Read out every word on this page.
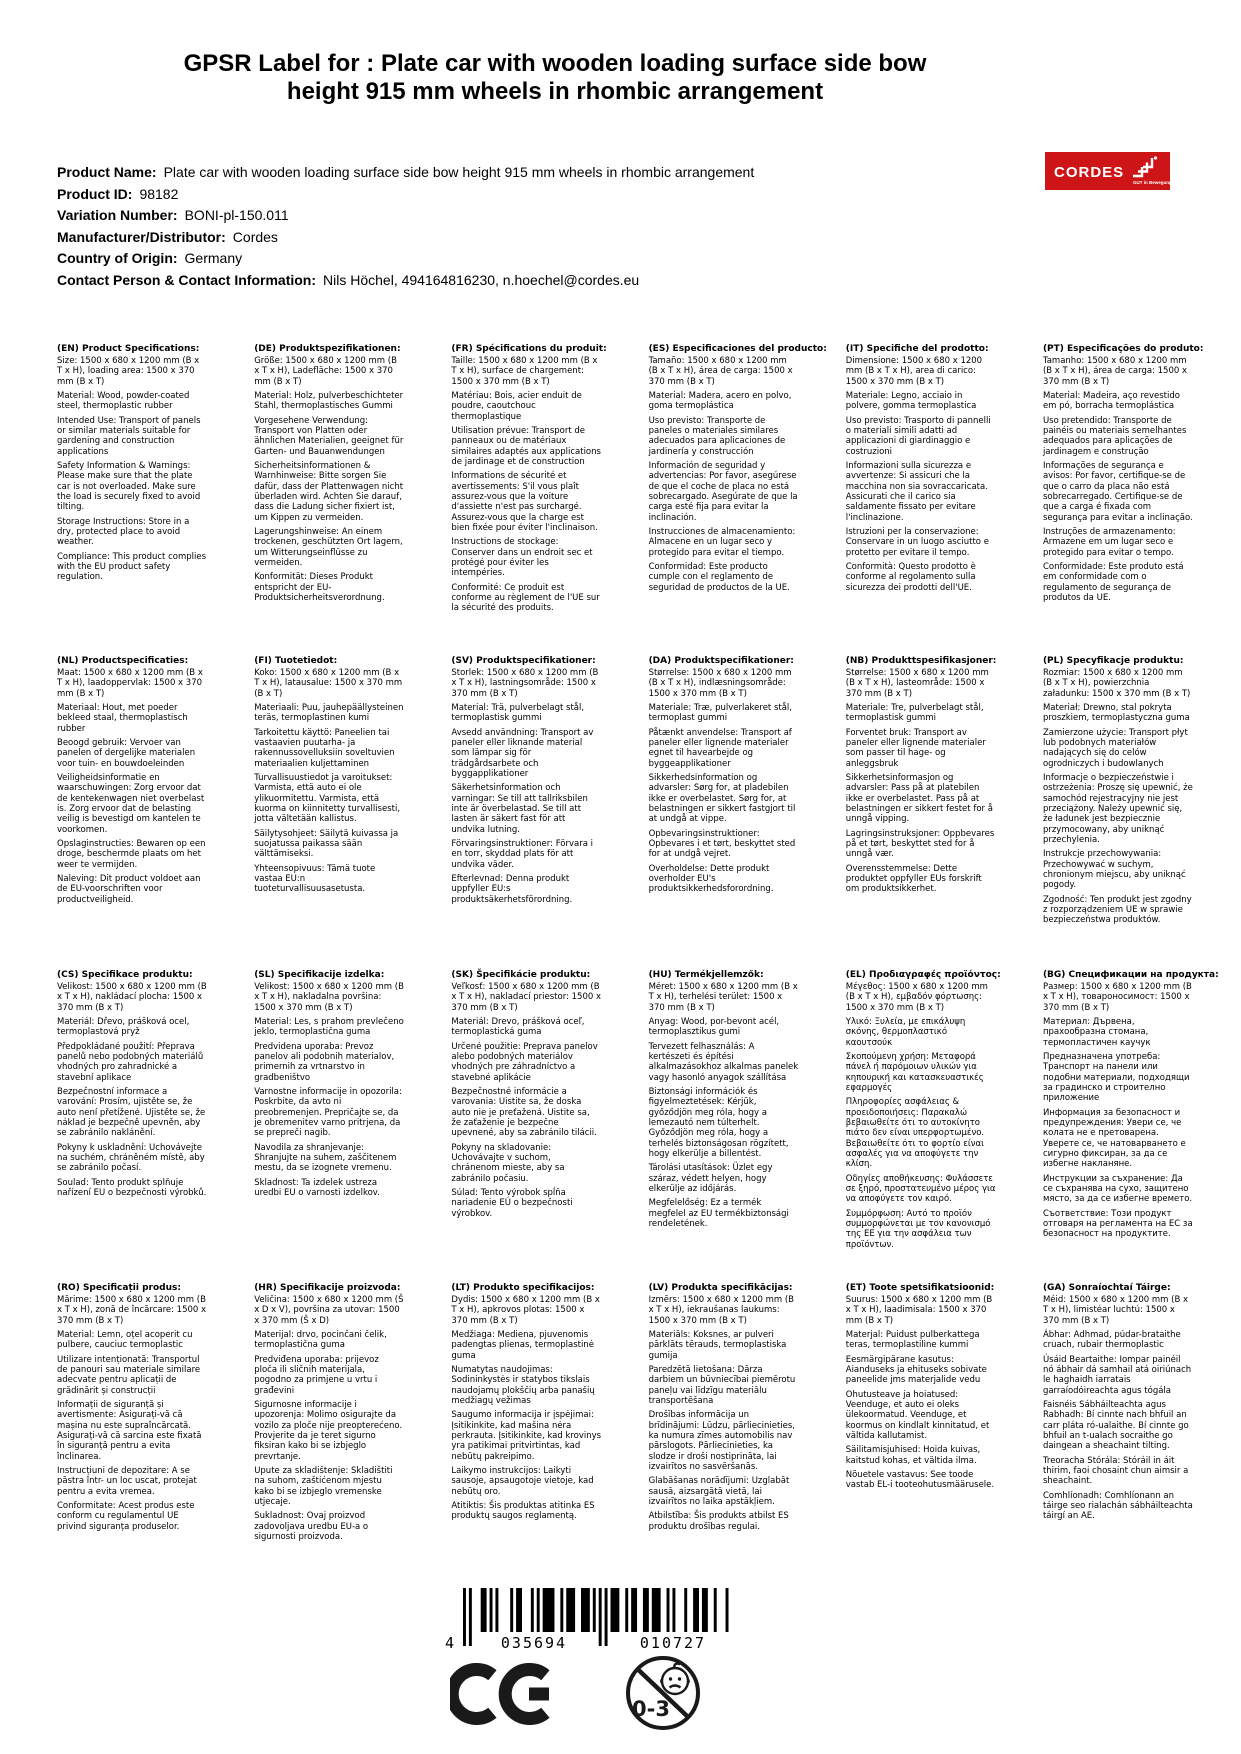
GPSR Label for : Plate car with wooden loading surface side bow
height 915 mm wheels in rhombic arrangement
Product Name: Plate car with wooden loading surface side bow height 915 mm wheels in rhombic arrangement
Product ID: 98182
Variation Number: BONI-pl-150.011
Manufacturer/Distributor: Cordes
Country of Origin: Germany
Contact Person & Contact Information: Nils Höchel, 494164816230, n.hoechel@cordes.eu
CORDES
GUT in Bewegung
(EN) Product Specifications:

Size: 1500 x 680 x 1200 mm (B x T x H), loading area: 1500 x 370 mm (B x T)

Material: Wood, powder-coated steel, thermoplastic rubber

Intended Use: Transport of panels or similar materials suitable for gardening and construction applications

Safety Information & Warnings: Please make sure that the plate car is not overloaded. Make sure the load is securely fixed to avoid tilting.

Storage Instructions: Store in a dry, protected place to avoid weather.

Compliance: This product complies with the EU product safety regulation.

(DE) Produktspezifikationen:

Größe: 1500 x 680 x 1200 mm (B x T x H), Ladefläche: 1500 x 370 mm (B x T)

Material: Holz, pulverbeschichteter Stahl, thermoplastisches Gummi

Vorgesehene Verwendung: Transport von Platten oder ähnlichen Materialien, geeignet für Garten- und Bauanwendungen

Sicherheitsinformationen & Warnhinweise: Bitte sorgen Sie dafür, dass der Plattenwagen nicht überladen wird. Achten Sie darauf, dass die Ladung sicher fixiert ist, um Kippen zu vermeiden.

Lagerungshinweise: An einem trockenen, geschützten Ort lagern, um Witterungseinflüsse zu vermeiden.

Konformität: Dieses Produkt entspricht der EU-Produktsicherheitsverordnung.

(FR) Spécifications du produit:

Taille: 1500 x 680 x 1200 mm (B x T x H), surface de chargement: 1500 x 370 mm (B x T)

Matériau: Bois, acier enduit de poudre, caoutchouc thermoplastique

Utilisation prévue: Transport de panneaux ou de matériaux similaires adaptés aux applications de jardinage et de construction

Informations de sécurité et avertissements: S'il vous plaît assurez-vous que la voiture d'assiette n'est pas surchargé. Assurez-vous que la charge est bien fixée pour éviter l'inclinaison.

Instructions de stockage: Conserver dans un endroit sec et protégé pour éviter les intempéries.

Conformité: Ce produit est conforme au règlement de l'UE sur la sécurité des produits.

(ES) Especificaciones del producto:

Tamaño: 1500 x 680 x 1200 mm (B x T x H), área de carga: 1500 x 370 mm (B x T)

Material: Madera, acero en polvo, goma termoplástica

Uso previsto: Transporte de paneles o materiales similares adecuados para aplicaciones de jardinería y construcción

Información de seguridad y advertencias: Por favor, asegúrese de que el coche de placa no está sobrecargado. Asegúrate de que la carga esté fija para evitar la inclinación.

Instrucciones de almacenamiento: Almacene en un lugar seco y protegido para evitar el tiempo.

Conformidad: Este producto cumple con el reglamento de seguridad de productos de la UE.

(IT) Specifiche del prodotto:

Dimensione: 1500 x 680 x 1200 mm (B x T x H), area di carico: 1500 x 370 mm (B x T)

Materiale: Legno, acciaio in polvere, gomma termoplastica

Uso previsto: Trasporto di pannelli o materiali simili adatti ad applicazioni di giardinaggio e costruzioni

Informazioni sulla sicurezza e avvertenze: Si assicuri che la macchina non sia sovraccaricata. Assicurati che il carico sia saldamente fissato per evitare l'inclinazione.

Istruzioni per la conservazione: Conservare in un luogo asciutto e protetto per evitare il tempo.

Conformità: Questo prodotto è conforme al regolamento sulla sicurezza dei prodotti dell'UE.

(PT) Especificações do produto:

Tamanho: 1500 x 680 x 1200 mm (B x T x H), área de carga: 1500 x 370 mm (B x T)

Material: Madeira, aço revestido em pó, borracha termoplástica

Uso pretendido: Transporte de painéis ou materiais semelhantes adequados para aplicações de jardinagem e construção

Informações de segurança e avisos: Por favor, certifique-se de que o carro da placa não está sobrecarregado. Certifique-se de que a carga é fixada com segurança para evitar a inclinação.

Instruções de armazenamento: Armazene em um lugar seco e protegido para evitar o tempo.

Conformidade: Este produto está em conformidade com o regulamento de segurança de produtos da UE.

(NL) Productspecificaties:

Maat: 1500 x 680 x 1200 mm (B x T x H), laadoppervlak: 1500 x 370 mm (B x T)

Materiaal: Hout, met poeder bekleed staal, thermoplastisch rubber

Beoogd gebruik: Vervoer van panelen of dergelijke materialen voor tuin- en bouwdoeleinden

Veiligheidsinformatie en waarschuwingen: Zorg ervoor dat de kentekenwagen niet overbelast is. Zorg ervoor dat de belasting veilig is bevestigd om kantelen te voorkomen.

Opslaginstructies: Bewaren op een droge, beschermde plaats om het weer te vermijden.

Naleving: Dit product voldoet aan de EU-voorschriften voor productveiligheid.

(FI) Tuotetiedot:

Koko: 1500 x 680 x 1200 mm (B x T x H), latausalue: 1500 x 370 mm (B x T)

Materiaali: Puu, jauhepäällysteinen teräs, termoplastinen kumi

Tarkoitettu käyttö: Paneelien tai vastaavien puutarha- ja rakennussovelluksiin soveltuvien materiaalien kuljettaminen

Turvallisuustiedot ja varoitukset: Varmista, että auto ei ole ylikuormitettu. Varmista, että kuorma on kiinnitetty turvallisesti, jotta vältetään kallistus.

Säilytysohjeet: Säilytä kuivassa ja suojatussa paikassa sään välttämiseksi.

Yhteensopivuus: Tämä tuote vastaa EU:n tuoteturvallisuusasetusta.

(SV) Produktspecifikationer:

Storlek: 1500 x 680 x 1200 mm (B x T x H), lastningsområde: 1500 x 370 mm (B x T)

Material: Trä, pulverbelagt stål, termoplastisk gummi

Avsedd användning: Transport av paneler eller liknande material som lämpar sig för trädgårdsarbete och byggapplikationer

Säkerhetsinformation och varningar: Se till att tallriksbilen inte är överbelastad. Se till att lasten är säkert fast för att undvika lutning.

Förvaringsinstruktioner: Förvara i en torr, skyddad plats för att undvika väder.

Efterlevnad: Denna produkt uppfyller EU:s produktsäkerhetsförordning.

(DA) Produktspecifikationer:

Størrelse: 1500 x 680 x 1200 mm (B x T x H), indlæsningsområde: 1500 x 370 mm (B x T)

Materiale: Træ, pulverlakeret stål, termoplast gummi

Påtænkt anvendelse: Transport af paneler eller lignende materialer egnet til havearbejde og byggeapplikationer

Sikkerhedsinformation og advarsler: Sørg for, at pladebilen ikke er overbelastet. Sørg for, at belastningen er sikkert fastgjort til at undgå at vippe.

Opbevaringsinstruktioner: Opbevares i et tørt, beskyttet sted for at undgå vejret.

Overholdelse: Dette produkt overholder EU's produktsikkerhedsforordning.

(NB) Produkttspesifikasjoner:

Størrelse: 1500 x 680 x 1200 mm (B x T x H), lasteområde: 1500 x 370 mm (B x T)

Materiale: Tre, pulverbelagt stål, termoplastisk gummi

Forventet bruk: Transport av paneler eller lignende materialer som passer til hage- og anleggsbruk

Sikkerhetsinformasjon og advarsler: Pass på at platebilen ikke er overbelastet. Pass på at belastningen er sikkert festet for å unngå vipping.

Lagringsinstruksjoner: Oppbevares på et tørt, beskyttet sted for å unngå vær.

Overensstemmelse: Dette produktet oppfyller EUs forskrift om produktsikkerhet.

(PL) Specyfikacje produktu:

Rozmiar: 1500 x 680 x 1200 mm (B x T x H), powierzchnia załadunku: 1500 x 370 mm (B x T)

Materiał: Drewno, stal pokryta proszkiem, termoplastyczna guma

Zamierzone użycie: Transport płyt lub podobnych materiałów nadających się do celów ogrodniczych i budowlanych

Informacje o bezpieczeństwie i ostrzeżenia: Proszę się upewnić, że samochód rejestracyjny nie jest przeciążony. Należy upewnić się, że ładunek jest bezpiecznie przymocowany, aby uniknąć przechylenia.

Instrukcje przechowywania: Przechowywać w suchym, chronionym miejscu, aby uniknąć pogody.

Zgodność: Ten produkt jest zgodny z rozporządzeniem UE w sprawie bezpieczeństwa produktów.

(CS) Specifikace produktu:

Velikost: 1500 x 680 x 1200 mm (B x T x H), nakládací plocha: 1500 x 370 mm (B x T)

Materiál: Dřevo, prášková ocel, termoplastová pryž

Předpokládané použití: Přeprava panelů nebo podobných materiálů vhodných pro zahradnické a stavební aplikace

Bezpečnostní informace a varování: Prosím, ujistěte se, že auto není přetížené. Ujistěte se, že náklad je bezpečně upevněn, aby se zabránilo naklánění.

Pokyny k uskladnění: Uchovávejte na suchém, chráněném místě, aby se zabránilo počasí.

Soulad: Tento produkt splňuje nařízení EU o bezpečnosti výrobků.

(SL) Specifikacije izdelka:

Velikost: 1500 x 680 x 1200 mm (B x T x H), nakladalna površina: 1500 x 370 mm (B x T)

Material: Les, s prahom prevlečeno jeklo, termoplastična guma

Predvidena uporaba: Prevoz panelov ali podobnih materialov, primernih za vrtnarstvo in gradbeništvo

Varnostne informacije in opozorila: Poskrbite, da avto ni preobremenjen. Prepričajte se, da je obremenitev varno pritrjena, da se prepreči nagib.

Navodila za shranjevanje: Shranjujte na suhem, zaščitenem mestu, da se izognete vremenu.

Skladnost: Ta izdelek ustreza uredbi EU o varnosti izdelkov.

(SK) Špecifikácie produktu:

Veľkosť: 1500 x 680 x 1200 mm (B x T x H), nakladací priestor: 1500 x 370 mm (B x T)

Materiál: Drevo, prášková oceľ, termoplastická guma

Určené použitie: Preprava panelov alebo podobných materiálov vhodných pre záhradníctvo a stavebné aplikácie

Bezpečnostné informácie a varovania: Uistite sa, že doska auto nie je preťažená. Uistite sa, že zaťaženie je bezpečne upevnené, aby sa zabránilo tilácii.

Pokyny na skladovanie: Uchovávajte v suchom, chránenom mieste, aby sa zabránilo počasiu.

Súlad: Tento výrobok spĺňa nariadenie EÚ o bezpečnosti výrobkov.

(HU) Termékjellemzők:

Méret: 1500 x 680 x 1200 mm (B x T x H), terhelési terület: 1500 x 370 mm (B x T)

Anyag: Wood, por-bevont acél, termoplasztikus gumi

Tervezett felhasználás: A kertészeti és építési alkalmazásokhoz alkalmas panelek vagy hasonló anyagok szállítása

Biztonsági információk és figyelmeztetések: Kérjük, győződjön meg róla, hogy a lemezautó nem túlterhelt. Győződjön meg róla, hogy a terhelés biztonságosan rögzített, hogy elkerülje a billentést.

Tárolási utasítások: Üzlet egy száraz, védett helyen, hogy elkerülje az időjárás.

Megfelelőség: Ez a termék megfelel az EU termékbiztonsági rendeletének.

(EL) Προδιαγραφές προϊόντος:

Μέγεθος: 1500 x 680 x 1200 mm (B x T x H), εμβαδόν φόρτωσης: 1500 x 370 mm (B x T)

Υλικό: Ξυλεία, με επικάλυψη σκόνης, θερμοπλαστικό καουτσούκ

Σκοπούμενη χρήση: Μεταφορά πάνελ ή παρόμοιων υλικών για κηπουρική και κατασκευαστικές εφαρμογές

Πληροφορίες ασφάλειας & προειδοποιήσεις: Παρακαλώ βεβαιωθείτε ότι το αυτοκίνητο πιάτο δεν είναι υπερφορτωμένο. Βεβαιωθείτε ότι το φορτίο είναι ασφαλές για να αποφύγετε την κλίση.

Οδηγίες αποθήκευσης: Φυλάσσετε σε ξηρό, προστατευμένο μέρος για να αποφύγετε τον καιρό.

Συμμόρφωση: Αυτό το προϊόν συμμορφώνεται με τον κανονισμό της ΕΕ για την ασφάλεια των προϊόντων.

(BG) Спецификации на продукта:

Размер: 1500 x 680 x 1200 mm (B x T x H), товароносимост: 1500 x 370 mm (B x T)

Материал: Дървена, прахообразна стомана, термопластичен каучук

Предназначена употреба: Транспорт на панели или подобни материали, подходящи за градинско и строително приложение

Информация за безопасност и предупреждения: Увери се, че колата не е претоварена. Уверете се, че натоварването е сигурно фиксиран, за да се избегне накланяне.

Инструкции за съхранение: Да се съхранява на сухо, защитено място, за да се избегне времето.

Съответствие: Този продукт отговаря на регламента на ЕС за безопасност на продуктите.

(RO) Specificații produs:

Mărime: 1500 x 680 x 1200 mm (B x T x H), zonă de încărcare: 1500 x 370 mm (B x T)

Material: Lemn, oțel acoperit cu pulbere, cauciuc termoplastic

Utilizare intenționată: Transportul de panouri sau materiale similare adecvate pentru aplicații de grădinărit și construcții

Informații de siguranță și avertismente: Asigurați-vă că mașina nu este supraîncărcată. Asigurați-vă că sarcina este fixată în siguranță pentru a evita înclinarea.

Instrucțiuni de depozitare: A se păstra într- un loc uscat, protejat pentru a evita vremea.

Conformitate: Acest produs este conform cu regulamentul UE privind siguranța produselor.

(HR) Specifikacije proizvoda:

Veličina: 1500 x 680 x 1200 mm (Š x D x V), površina za utovar: 1500 x 370 mm (Š x D)

Materijal: drvo, pocinčani čelik, termoplastična guma

Predviđena uporaba: prijevoz ploča ili sličnih materijala, pogodno za primjene u vrtu i građevini

Sigurnosne informacije i upozorenja: Molimo osigurajte da vozilo za ploče nije preopterećeno. Provjerite da je teret sigurno fiksiran kako bi se izbjeglo prevrtanje.

Upute za skladištenje: Skladištiti na suhom, zaštićenom mjestu kako bi se izbjeglo vremenske utjecaje.

Sukladnost: Ovaj proizvod zadovoljava uredbu EU-a o sigurnosti proizvoda.

(LT) Produkto specifikacijos:

Dydis: 1500 x 680 x 1200 mm (B x T x H), apkrovos plotas: 1500 x 370 mm (B x T)

Medžiaga: Mediena, pjuvenomis padengtas plienas, termoplastinė guma

Numatytas naudojimas: Sodininkystės ir statybos tikslais naudojamų plokščių arba panašių medžiagų vežimas

Saugumo informacija ir įspėjimai: Įsitikinkite, kad mašina nėra perkrauta. Įsitikinkite, kad krovinys yra patikimai pritvirtintas, kad nebūtų pakreipimo.

Laikymo instrukcijos: Laikyti sausoje, apsaugotoje vietoje, kad nebūtų oro.

Atitiktis: Šis produktas atitinka ES produktų saugos reglamentą.

(LV) Produkta specifikācijas:

Izmērs: 1500 x 680 x 1200 mm (B x T x H), iekraušanas laukums: 1500 x 370 mm (B x T)

Materiāls: Koksnes, ar pulveri pārklāts tērauds, termoplastiska gumija

Paredzētā lietošana: Dārza darbiem un būvniecībai piemērotu paneļu vai līdzīgu materiālu transportēšana

Drošības informācija un brīdinājumi: Lūdzu, pārliecinieties, ka numura zīmes automobilis nav pārslogots. Pārliecinieties, ka slodze ir droši nostiprināta, lai izvairītos no sasvēršanās.

Glabāšanas norādījumi: Uzglabāt sausā, aizsargātā vietā, lai izvairītos no laika apstākļiem.

Atbilstība: Šis produkts atbilst ES produktu drošības regulai.

(ET) Toote spetsifikatsioonid:

Suurus: 1500 x 680 x 1200 mm (B x T x H), laadimisala: 1500 x 370 mm (B x T)

Materjal: Puidust pulberkattega teras, termoplastiline kummi

Eesmärgipärane kasutus: Aianduseks ja ehituseks sobivate paneelide jms materjalide vedu

Ohutusteave ja hoiatused: Veenduge, et auto ei oleks ülekoormatud. Veenduge, et koormus on kindlalt kinnitatud, et vältida kallutamist.

Säilitamisjuhised: Hoida kuivas, kaitstud kohas, et vältida ilma.

Nõuetele vastavus: See toode vastab EL-i tooteohutusmäärusele.

(GA) Sonraíochtaí Táirge:

Méid: 1500 x 680 x 1200 mm (B x T x H), limistéar luchtú: 1500 x 370 mm (B x T)

Ábhar: Adhmad, púdar-brataithe cruach, rubair thermoplastic

Úsáid Beartaithe: Iompar painéil nó ábhair dá samhail atá oiriúnach le haghaidh iarratais garraíodóireachta agus tógála

Faisnéis Sábháilteachta agus Rabhadh: Bí cinnte nach bhfuil an carr pláta ró-ualaithe. Bí cinnte go bhfuil an t-ualach socraithe go daingean a sheachaint tilting.

Treoracha Stórála: Stóráil in áit thirim, faoi chosaint chun aimsir a sheachaint.

Comhlíonadh: Comhlíonann an táirge seo rialachán sábháilteachta táirgí an AE.

4	035694	010727
0-3
